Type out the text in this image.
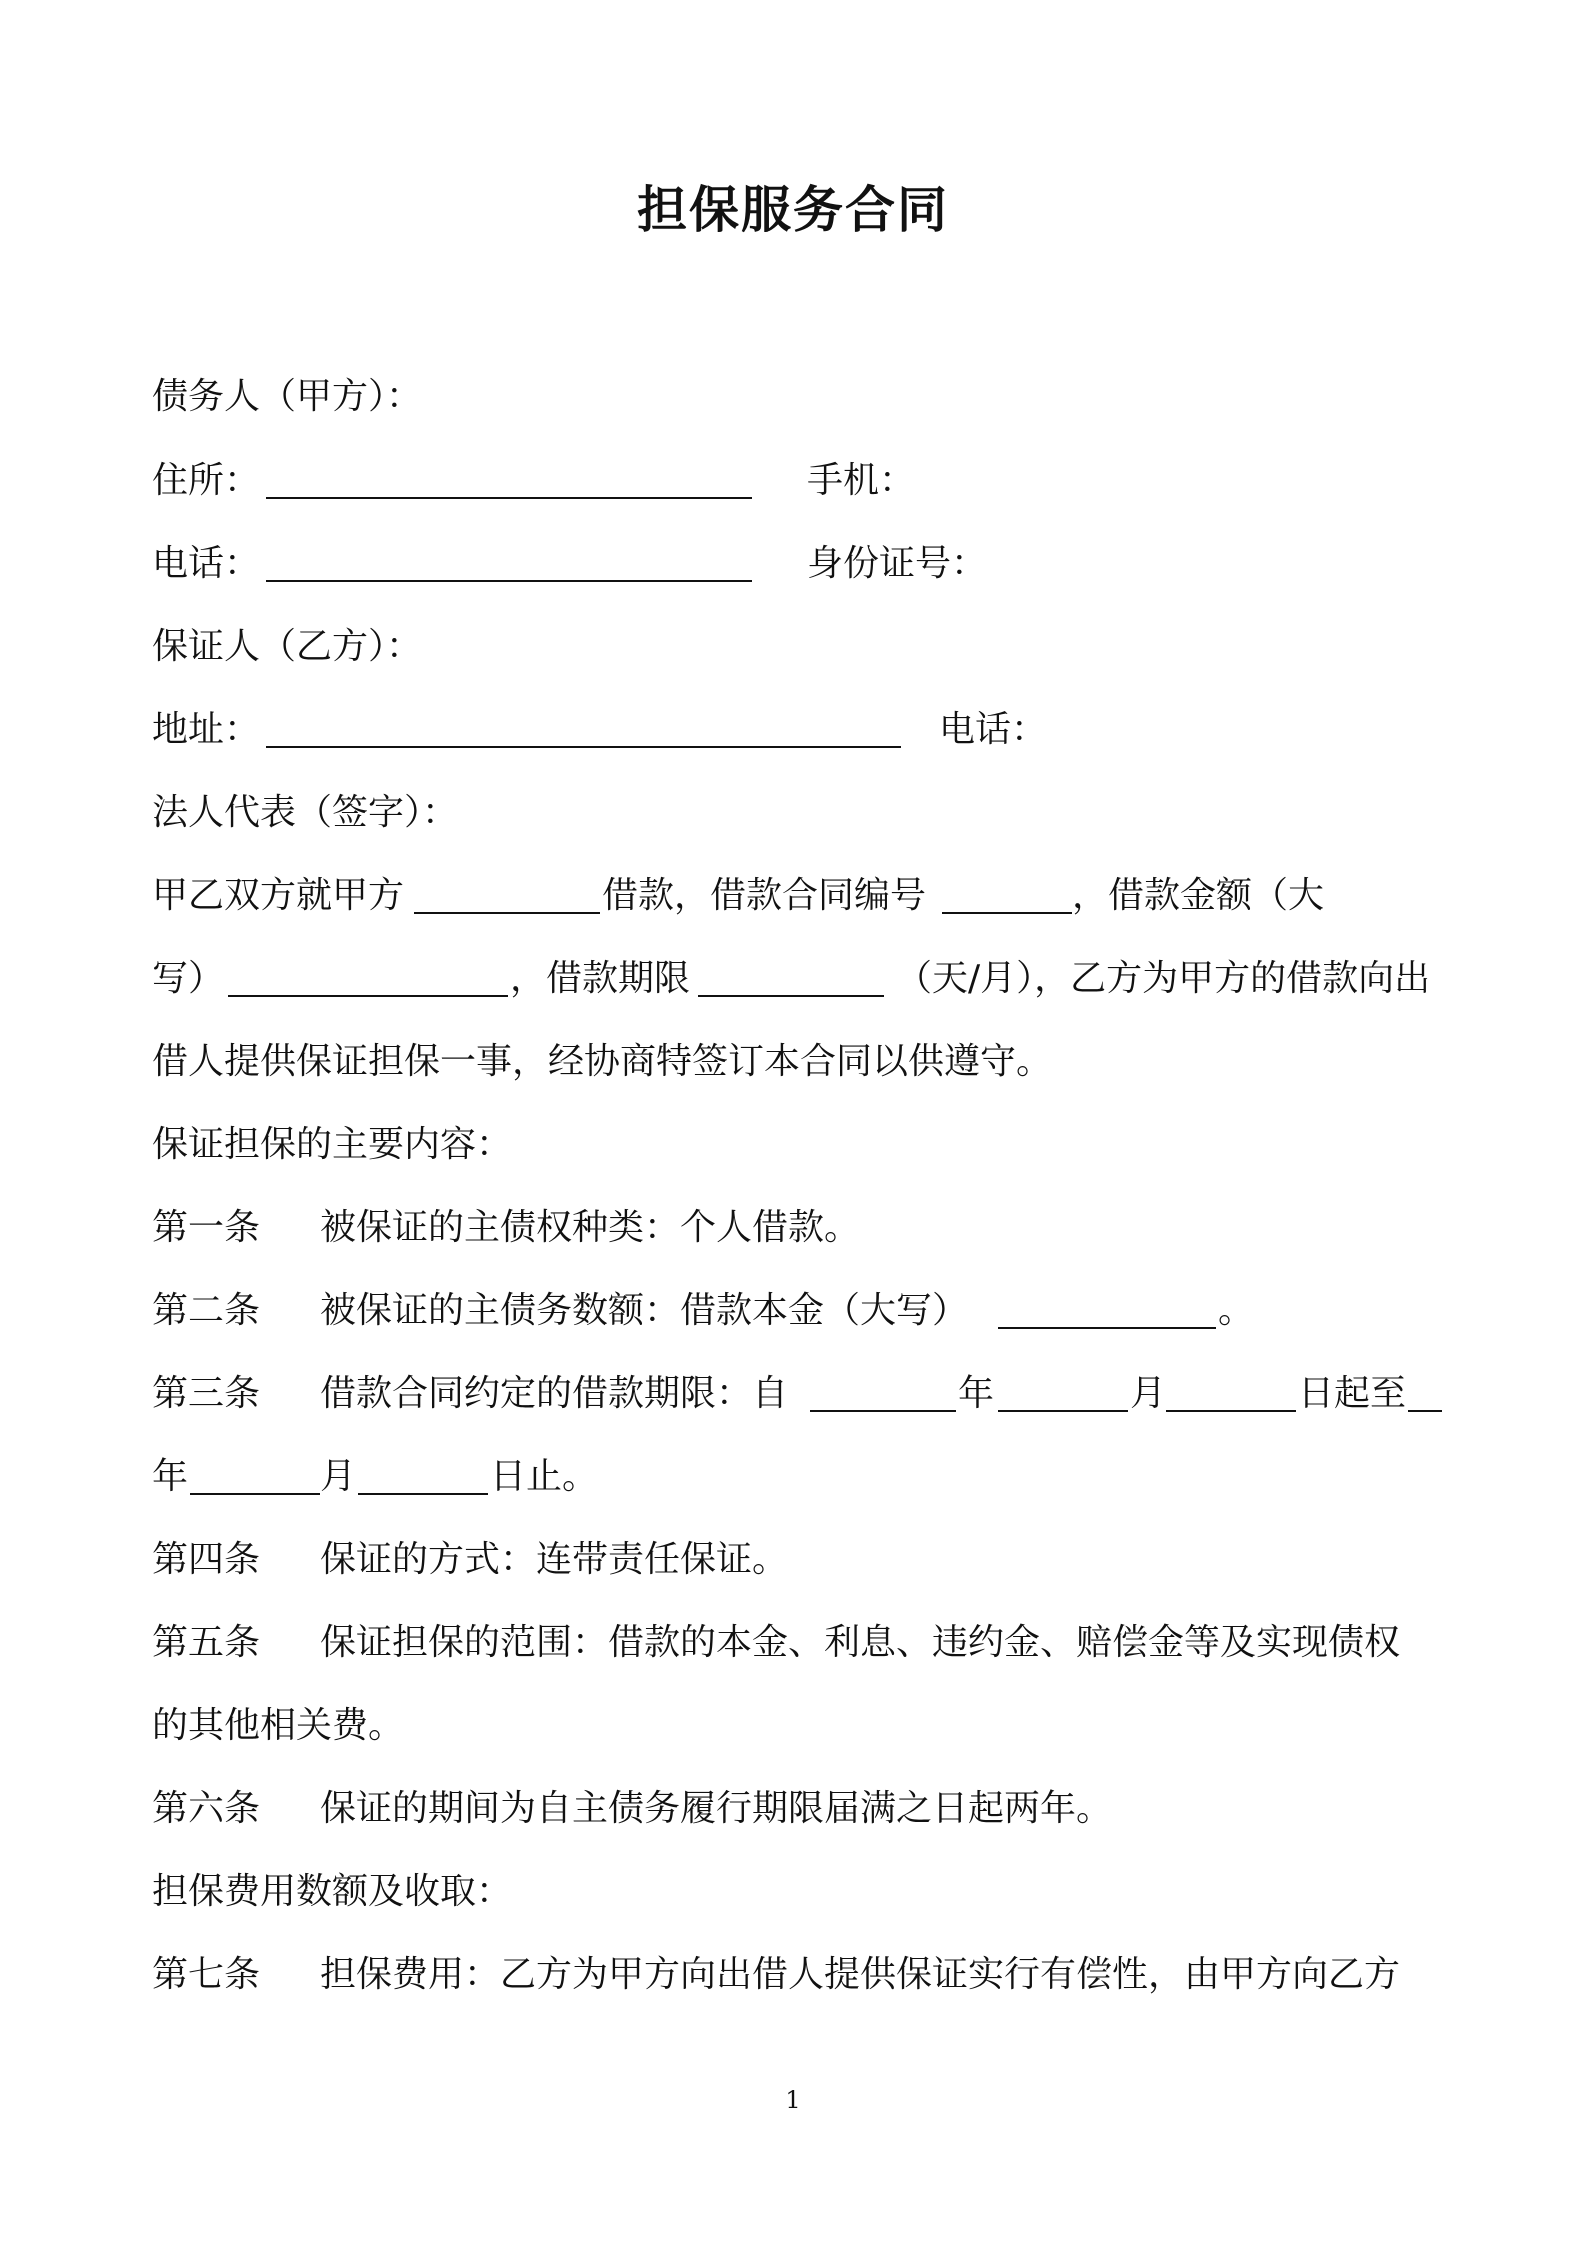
担保服务合同
债务人（甲方）：
住所：	手机：
电话：	身份证号：
保证人（乙方）：
地址：	电话：
法人代表（签字）：
甲乙双方就甲方	借款，借款合同编号	，借款金额（大
写）	，借款期限	（天/月），乙方为甲方的借款向出
借人提供保证担保一事，经协商特签订本合同以供遵守。
保证担保的主要内容：
第一条 被保证的主债权种类：个人借款。
第二条 被保证的主债务数额：借款本金（大写）	。
第三条 借款合同约定的借款期限：自	年	月	日起至
年	月	日止。
第四条 保证的方式：连带责任保证。
第五条 保证担保的范围：借款的本金、利息、违约金、赔偿金等及实现债权
的其他相关费。
第六条 保证的期间为自主债务履行期限届满之日起两年。
担保费用数额及收取：
第七条 担保费用：乙方为甲方向出借人提供保证实行有偿性，由甲方向乙方
1
